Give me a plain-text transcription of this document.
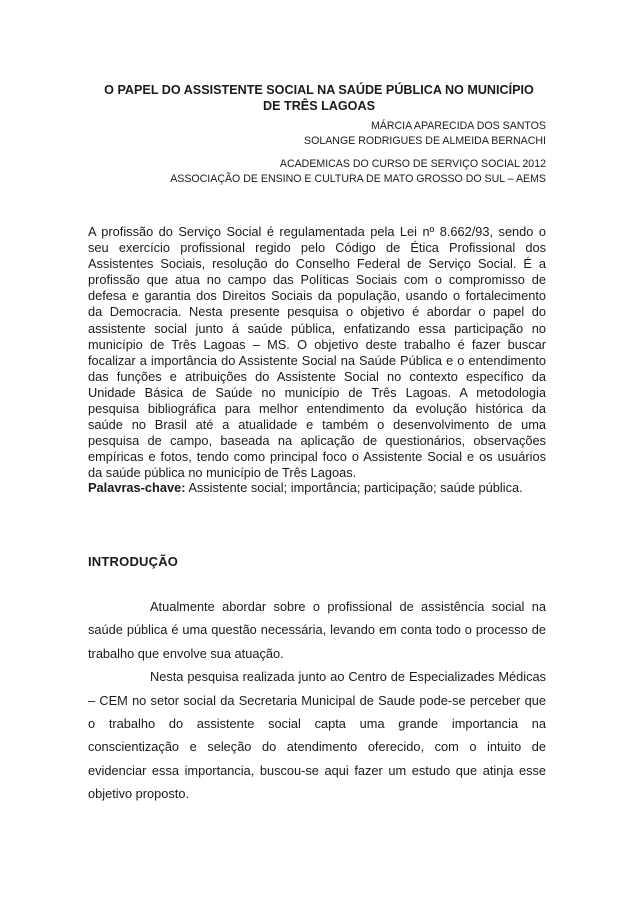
O PAPEL DO ASSISTENTE SOCIAL NA SAÚDE PÚBLICA NO MUNICÍPIO
DE TRÊS LAGOAS

MÁRCIA APARECIDA DOS SANTOS

SOLANGE RODRIGUES DE ALMEIDA BERNACHI

ACADEMICAS DO CURSO DE SERVIÇO SOCIAL 2012

ASSOCIAÇÃO DE ENSINO E CULTURA DE MATO GROSSO DO SUL – AEMS

A profissão do Serviço Social é regulamentada pela Lei nº 8.662/93, sendo o
seu exercício profissional regido pelo Código de Ética Profissional dos
Assistentes Sociais, resolução do Conselho Federal de Serviço Social. É a
profissão que atua no campo das Políticas Sociais com o compromisso de
defesa e garantia dos Direitos Sociais da população, usando o fortalecimento
da Democracia. Nesta presente pesquisa o objetivo é abordar o papel do
assistente social junto á saúde pública, enfatizando essa participação no
município de Três Lagoas – MS. O objetivo deste trabalho é fazer buscar
focalizar a importância do Assistente Social na Saúde Pública e o entendimento
das funções e atribuições do Assistente Social no contexto específico da
Unidade Básica de Saúde no município de Três Lagoas. A metodologia
pesquisa bibliográfica para melhor entendimento da evolução histórica da
saúde no Brasil até a atualidade e também o desenvolvimento de uma
pesquisa de campo, baseada na aplicação de questionários, observações
empíricas e fotos, tendo como principal foco o Assistente Social e os usuários
da saúde pública no município de Três Lagoas.

Palavras-chave: Assistente social; importância; participação; saúde pública.

INTRODUÇÃO
Atualmente abordar sobre o profissional de assistência social na
saúde pública é uma questão necessária, levando em conta todo o processo de
trabalho que envolve sua atuação.
Nesta pesquisa realizada junto ao Centro de Especializades Médicas
– CEM no setor social da Secretaria Municipal de Saude pode-se perceber que
o trabalho do assistente social capta uma grande importancia na
conscientização e seleção do atendimento oferecido, com o intuito de
evidenciar essa importancia, buscou-se aqui fazer um estudo que atinja esse
objetivo proposto.
